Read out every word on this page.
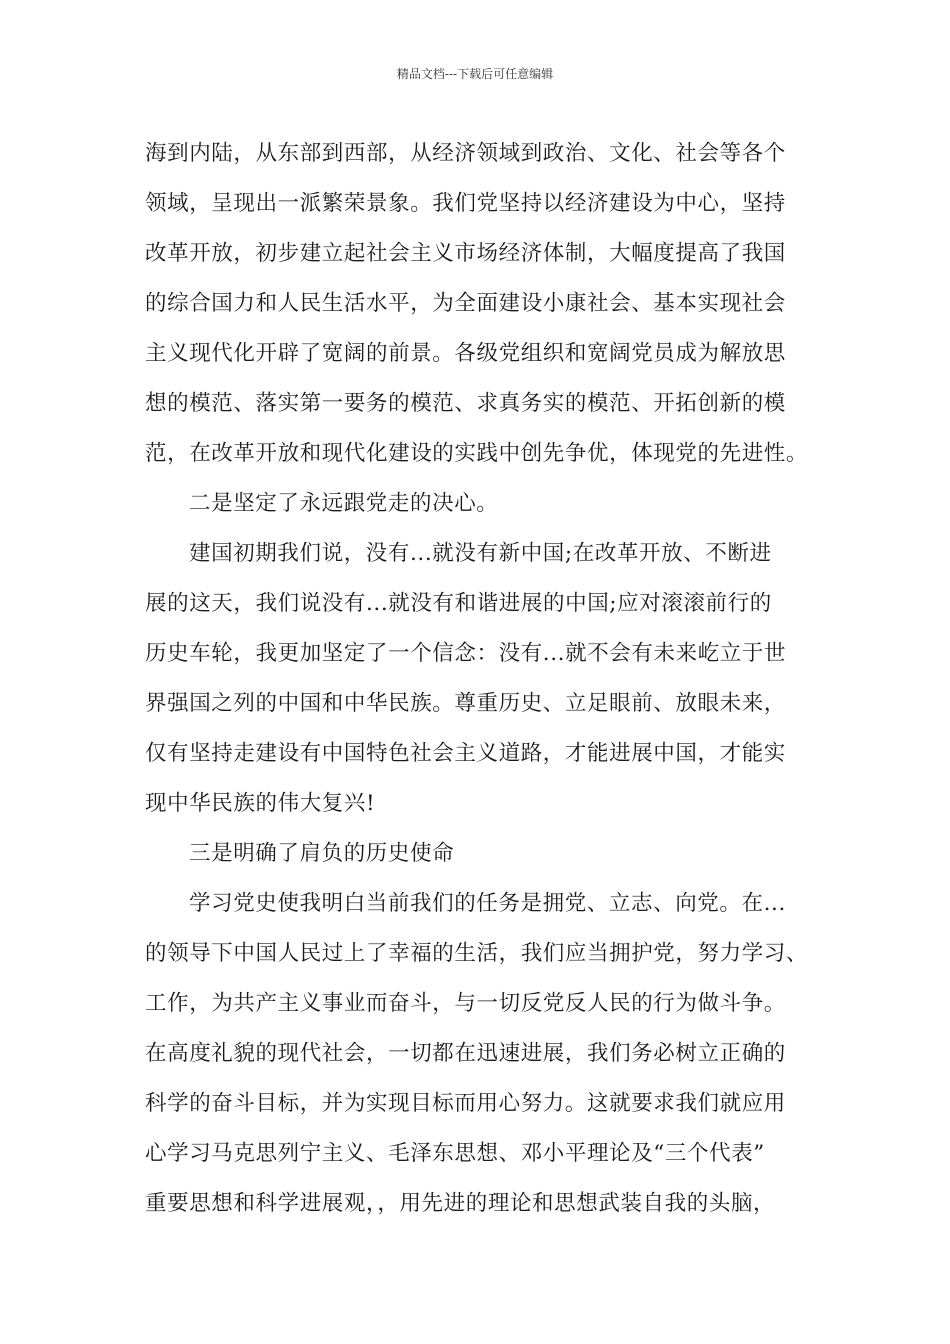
精品文档---下载后可任意编辑
海到内陆，从东部到西部，从经济领域到政治、文化、社会等各个
领域，呈现出一派繁荣景象。我们党坚持以经济建设为中心，坚持
改革开放，初步建立起社会主义市场经济体制，大幅度提高了我国
的综合国力和人民生活水平，为全面建设小康社会、基本实现社会
主义现代化开辟了宽阔的前景。各级党组织和宽阔党员成为解放思
想的模范、落实第一要务的模范、求真务实的模范、开拓创新的模
范，在改革开放和现代化建设的实践中创先争优，体现党的先进性。
二是坚定了永远跟党走的决心。
建国初期我们说，没有...就没有新中国;在改革开放、不断进
展的这天，我们说没有...就没有和谐进展的中国;应对滚滚前行的
历史车轮，我更加坚定了一个信念：没有...就不会有未来屹立于世
界强国之列的中国和中华民族。尊重历史、立足眼前、放眼未来，
仅有坚持走建设有中国特色社会主义道路，才能进展中国，才能实
现中华民族的伟大复兴!
三是明确了肩负的历史使命
学习党史使我明白当前我们的任务是拥党、立志、向党。在...
的领导下中国人民过上了幸福的生活，我们应当拥护党，努力学习、
工作，为共产主义事业而奋斗，与一切反党反人民的行为做斗争。
在高度礼貌的现代社会，一切都在迅速进展，我们务必树立正确的
科学的奋斗目标，并为实现目标而用心努力。这就要求我们就应用
心学习马克思列宁主义、毛泽东思想、邓小平理论及“三个代表”
重要思想和科学进展观，，用先进的理论和思想武装自我的头脑，
